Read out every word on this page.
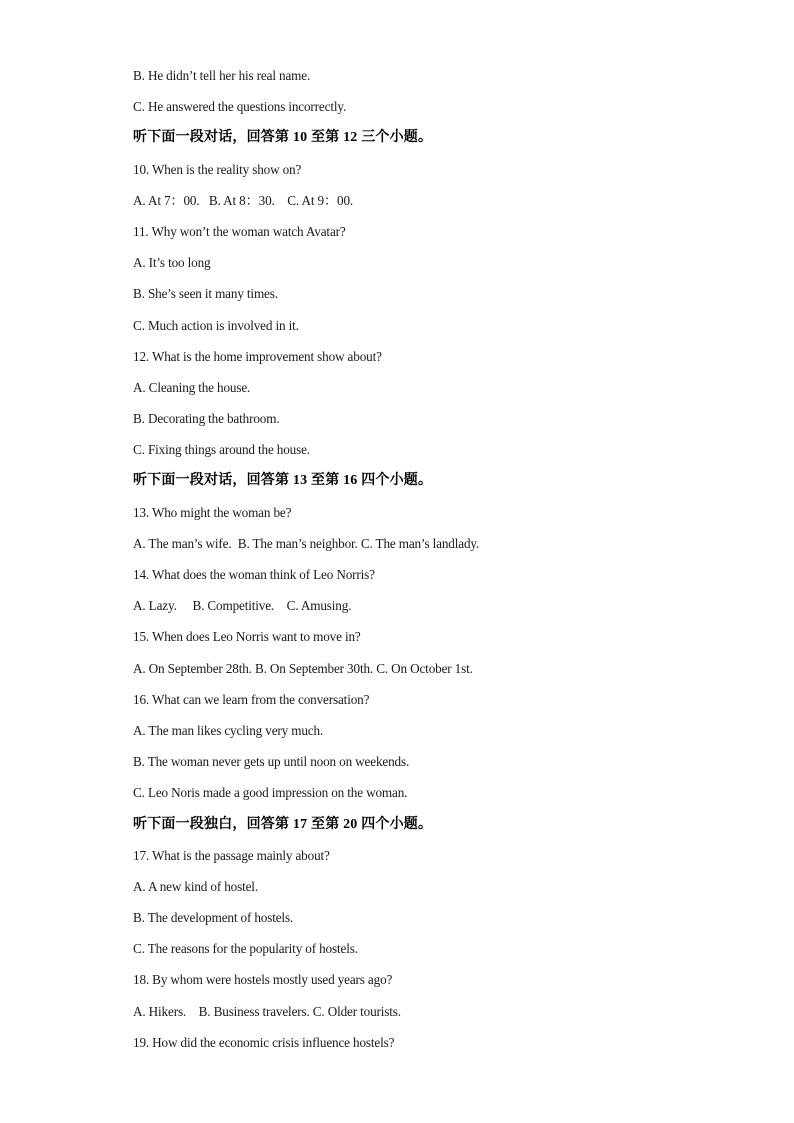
B. He didn’t tell her his real name.
C. He answered the questions incorrectly.
听下面一段对话，回答第 10 至第 12 三个小题。
10. When is the reality show on?
A. At 7：00.   B. At 8：30.    C. At 9：00.
11. Why won’t the woman watch Avatar?
A. It’s too long
B. She’s seen it many times.
C. Much action is involved in it.
12. What is the home improvement show about?
A. Cleaning the house.
B. Decorating the bathroom.
C. Fixing things around the house.
听下面一段对话，回答第 13 至第 16 四个小题。
13. Who might the woman be?
A. The man’s wife.  B. The man’s neighbor. C. The man’s landlady.
14. What does the woman think of Leo Norris?
A. Lazy.     B. Competitive.    C. Amusing.
15. When does Leo Norris want to move in?
A. On September 28th. B. On September 30th. C. On October 1st.
16. What can we learn from the conversation?
A. The man likes cycling very much.
B. The woman never gets up until noon on weekends.
C. Leo Noris made a good impression on the woman.
听下面一段独白，回答第 17 至第 20 四个小题。
17. What is the passage mainly about?
A. A new kind of hostel.
B. The development of hostels.
C. The reasons for the popularity of hostels.
18. By whom were hostels mostly used years ago?
A. Hikers.    B. Business travelers. C. Older tourists.
19. How did the economic crisis influence hostels?
